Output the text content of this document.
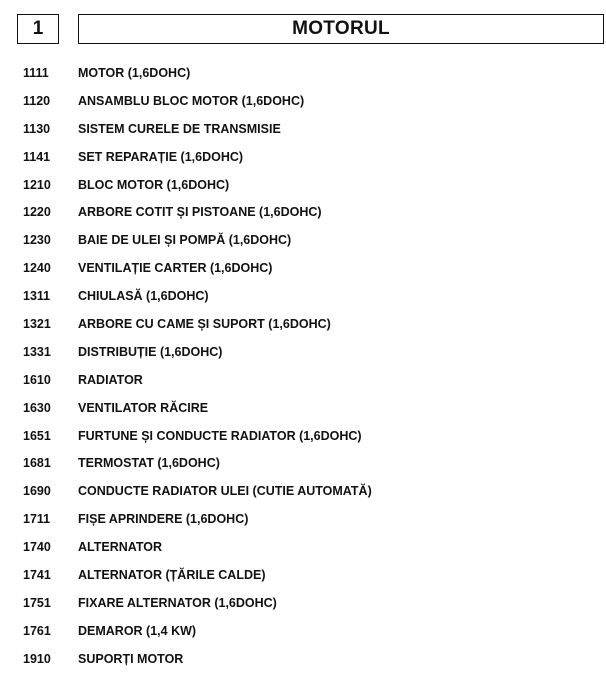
1	MOTORUL
1111	MOTOR (1,6DOHC)
1120	ANSAMBLU BLOC MOTOR (1,6DOHC)
1130	SISTEM CURELE DE TRANSMISIE
1141	SET REPARAȚIE (1,6DOHC)
1210	BLOC MOTOR (1,6DOHC)
1220	ARBORE COTIT ȘI PISTOANE (1,6DOHC)
1230	BAIE DE ULEI ȘI POMPĂ (1,6DOHC)
1240	VENTILAȚIE CARTER (1,6DOHC)
1311	CHIULASĂ (1,6DOHC)
1321	ARBORE CU CAME ȘI SUPORT (1,6DOHC)
1331	DISTRIBUȚIE (1,6DOHC)
1610	RADIATOR
1630	VENTILATOR RĂCIRE
1651	FURTUNE ȘI CONDUCTE RADIATOR (1,6DOHC)
1681	TERMOSTAT (1,6DOHC)
1690	CONDUCTE RADIATOR ULEI (CUTIE AUTOMATĂ)
1711	FIȘE APRINDERE (1,6DOHC)
1740	ALTERNATOR
1741	ALTERNATOR (ȚĂRILE CALDE)
1751	FIXARE ALTERNATOR (1,6DOHC)
1761	DEMAROR (1,4 KW)
1910	SUPORȚI MOTOR
